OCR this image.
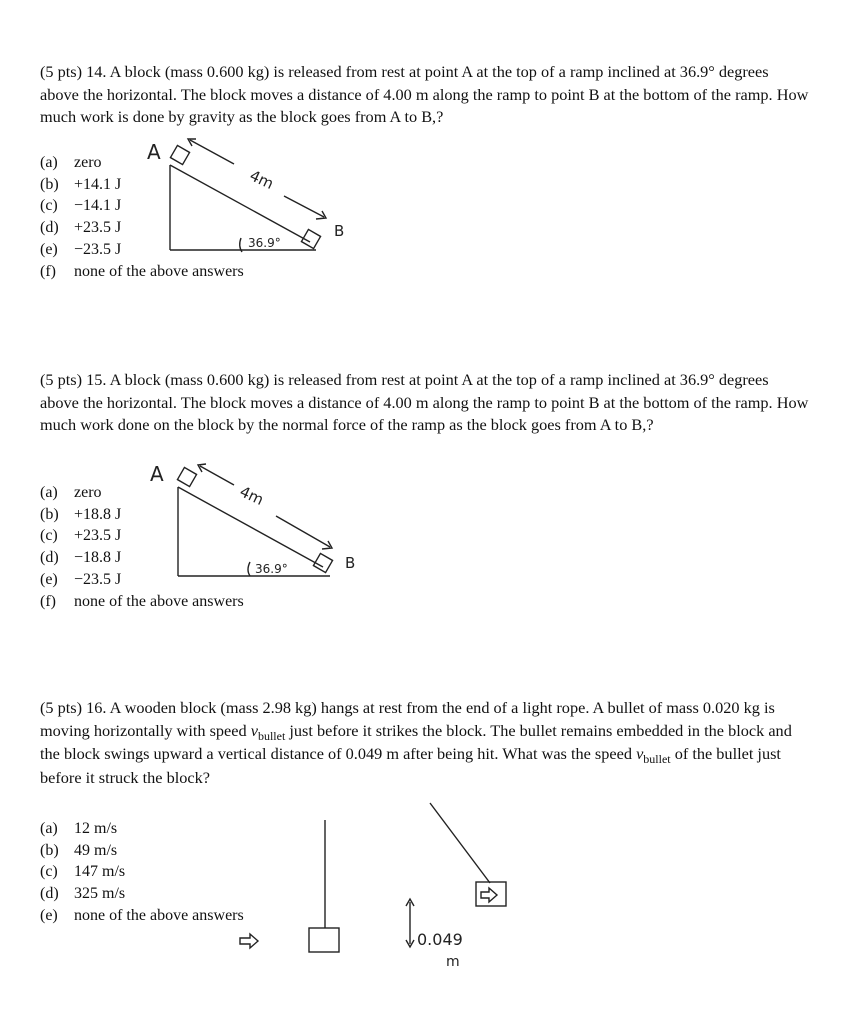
(5 pts) 14. A block (mass 0.600 kg) is released from rest at point A at the top of a ramp inclined at 36.9° degrees above the horizontal. The block moves a distance of 4.00 m along the ramp to point B at the bottom of the ramp. How much work is done by gravity as the block goes from A to B,?

(a) zero
(b) +14.1 J
(c) −14.1 J
(d) +23.5 J
(e) −23.5 J
(f) none of the above answers
A
4m
36.9°
B

(5 pts) 15. A block (mass 0.600 kg) is released from rest at point A at the top of a ramp inclined at 36.9° degrees above the horizontal. The block moves a distance of 4.00 m along the ramp to point B at the bottom of the ramp. How much work done on the block by the normal force of the ramp as the block goes from A to B,?

(a) zero
(b) +18.8 J
(c) +23.5 J
(d) −18.8 J
(e) −23.5 J
(f) none of the above answers
A
4m
36.9°	B

(5 pts) 16. A wooden block (mass 2.98 kg) hangs at rest from the end of a light rope. A bullet of mass 0.020 kg is moving horizontally with speed $v_{bullet}$ just before it strikes the block. The bullet remains embedded in the block and the block swings upward a vertical distance of 0.049 m after being hit. What was the speed $v_{bullet}$ of the bullet just before it struck the block?

(a) 12 m/s
(b) 49 m/s
(c) 147 m/s
(d) 325 m/s
(e) none of the above answers
0.049
m
